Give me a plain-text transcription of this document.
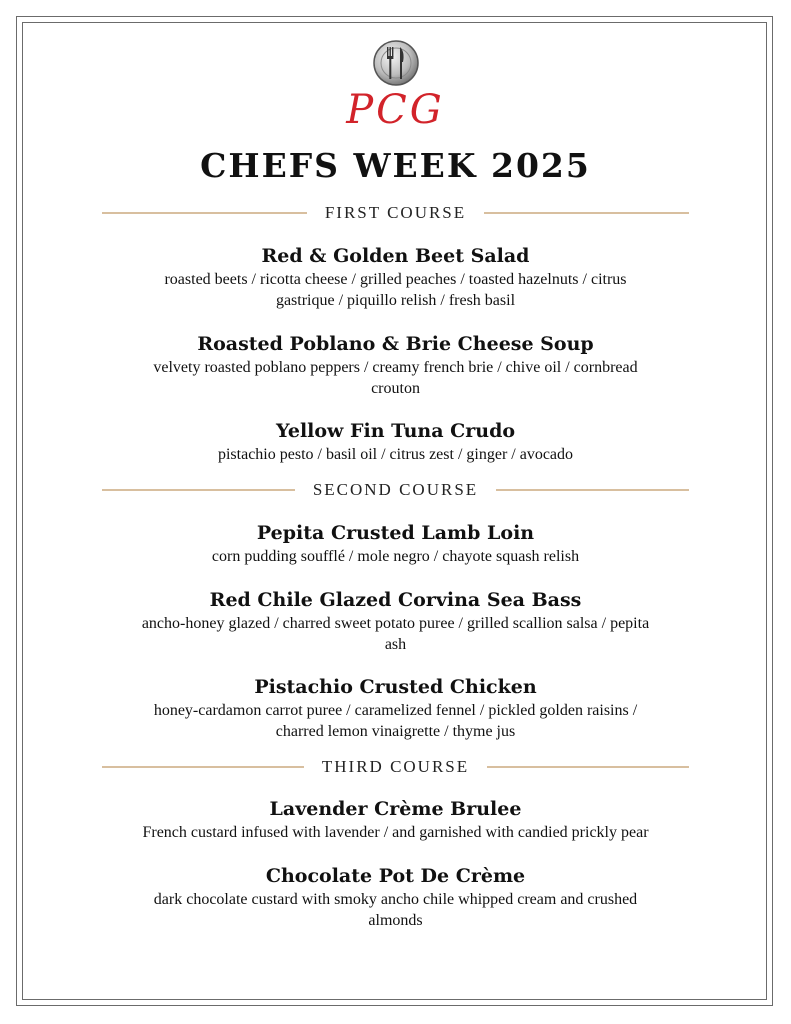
PCG
CHEFS WEEK 2025
FIRST COURSE

Red & Golden Beet Salad

roasted beets / ricotta cheese / grilled peaches / toasted hazelnuts / citrus

gastrique / piquillo relish / fresh basil

Roasted Poblano & Brie Cheese Soup

velvety roasted poblano peppers / creamy french brie / chive oil / cornbread

crouton

Yellow Fin Tuna Crudo

pistachio pesto / basil oil / citrus zest / ginger / avocado

SECOND COURSE

Pepita Crusted Lamb Loin

corn pudding soufflé / mole negro / chayote squash relish

Red Chile Glazed Corvina Sea Bass

ancho-honey glazed / charred sweet potato puree / grilled scallion salsa / pepita

ash

Pistachio Crusted Chicken

honey-cardamon carrot puree / caramelized fennel / pickled golden raisins /

charred lemon vinaigrette / thyme jus

THIRD COURSE

Lavender Crème Brulee

French custard infused with lavender / and garnished with candied prickly pear

Chocolate Pot De Crème

dark chocolate custard with smoky ancho chile whipped cream and crushed

almonds
